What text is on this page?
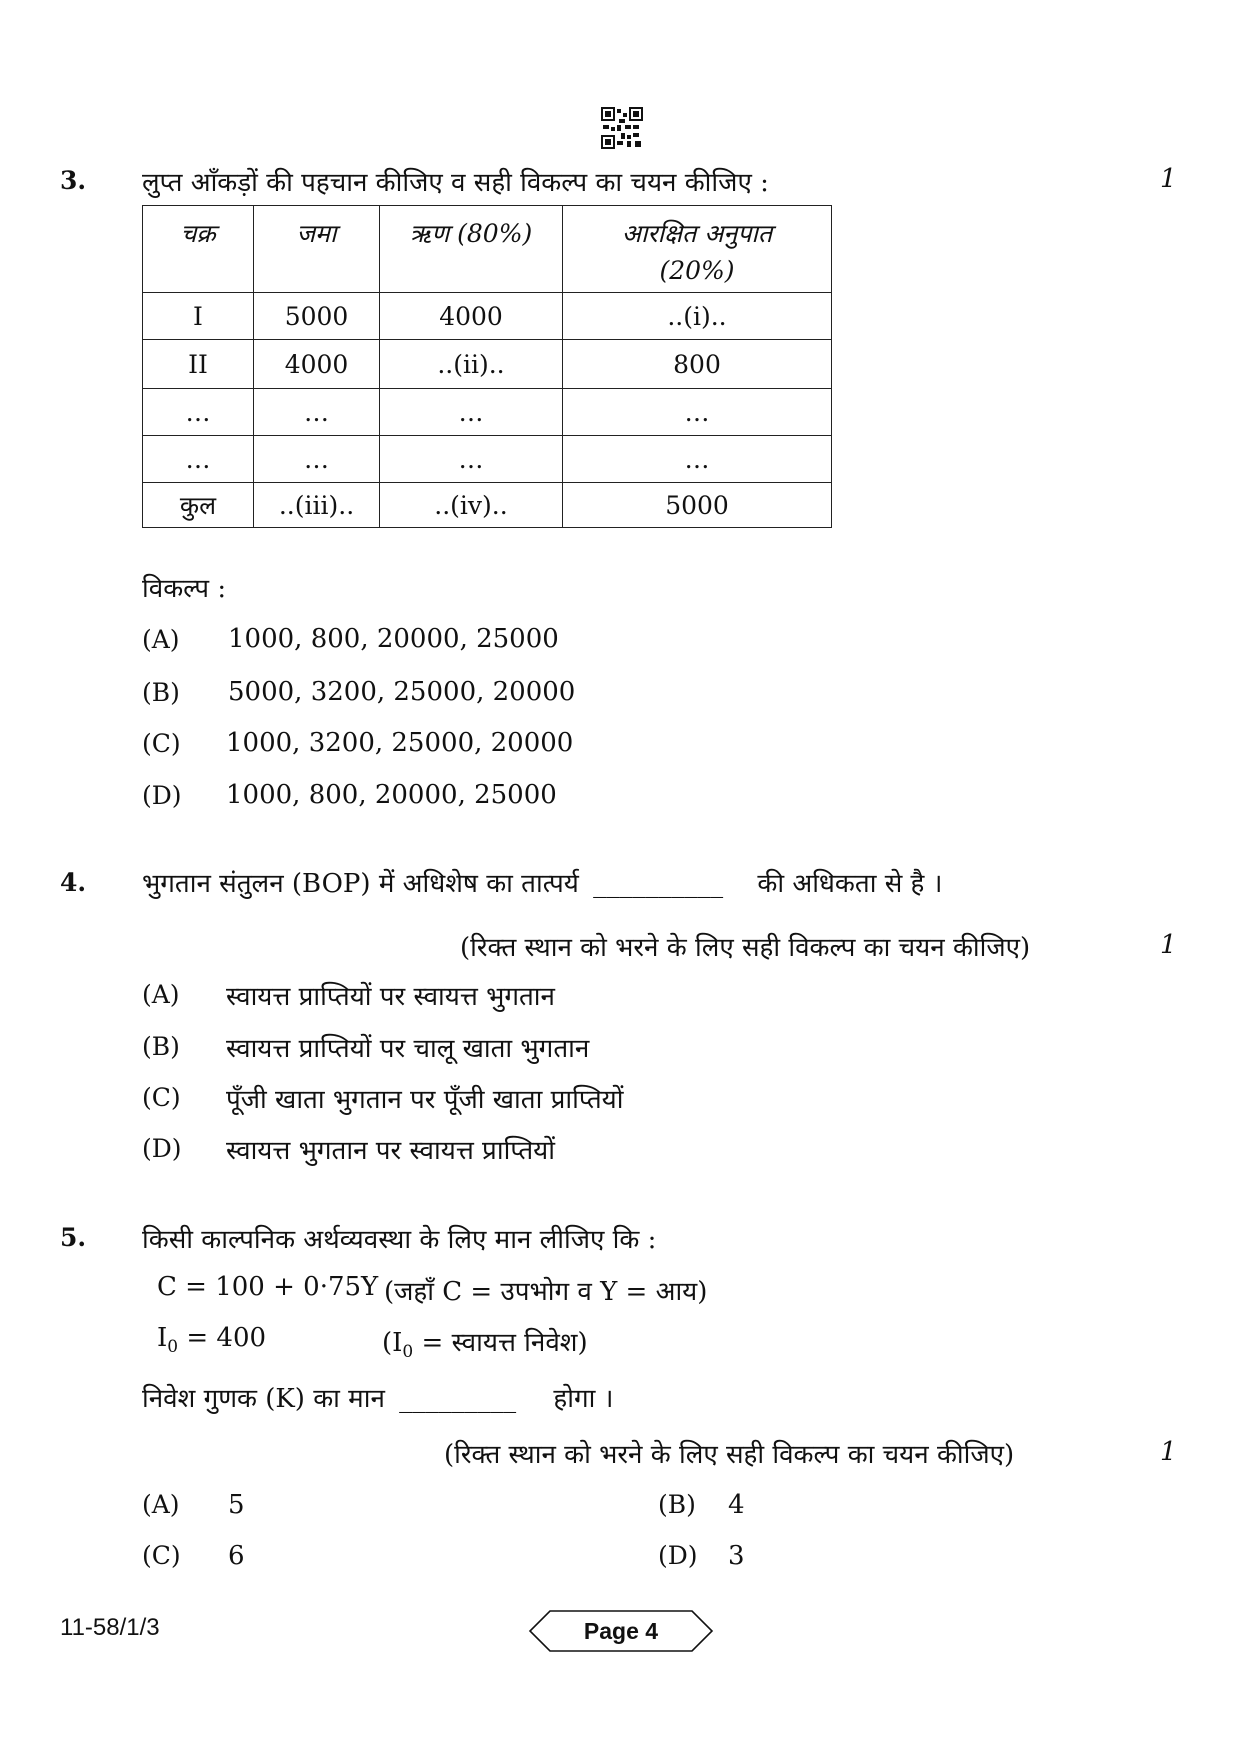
3. लुप्त आँकड़ों की पहचान कीजिए व सही विकल्प का चयन कीजिए :	1
चक्र	जमा	ऋण (80%)	आरक्षित अनुपात
(20%)

I	5000	4000	..(i)..
II	4000	..(ii)..	800
…	…	…	…
…	…	…	…
कुल	..(iii)..	..(iv)..	5000
विकल्प :
(A) 1000, 800, 20000, 25000
(B) 5000, 3200, 25000, 20000
(C) 1000, 3200, 25000, 20000
(D) 1000, 800, 20000, 25000
4. भुगतान संतुलन (BOP) में अधिशेष का तात्पर्य __________ की अधिकता से है ।
(रिक्त स्थान को भरने के लिए सही विकल्प का चयन कीजिए)	1
(A) स्वायत्त प्राप्तियों पर स्वायत्त भुगतान
(B) स्वायत्त प्राप्तियों पर चालू खाता भुगतान
(C) पूँजी खाता भुगतान पर पूँजी खाता प्राप्तियों
(D) स्वायत्त भुगतान पर स्वायत्त प्राप्तियों
5. किसी काल्पनिक अर्थव्यवस्था के लिए मान लीजिए कि :
C = 100 + 0·75Y (जहाँ C = उपभोग व Y = आय)
$I_0 = 400$	($I_0$ = स्वायत्त निवेश)
निवेश गुणक (K) का मान _________ होगा ।
(रिक्त स्थान को भरने के लिए सही विकल्प का चयन कीजिए)	1
(A) 5	(B) 4
(C) 6	(D) 3
11-58/1/3	Page 4
